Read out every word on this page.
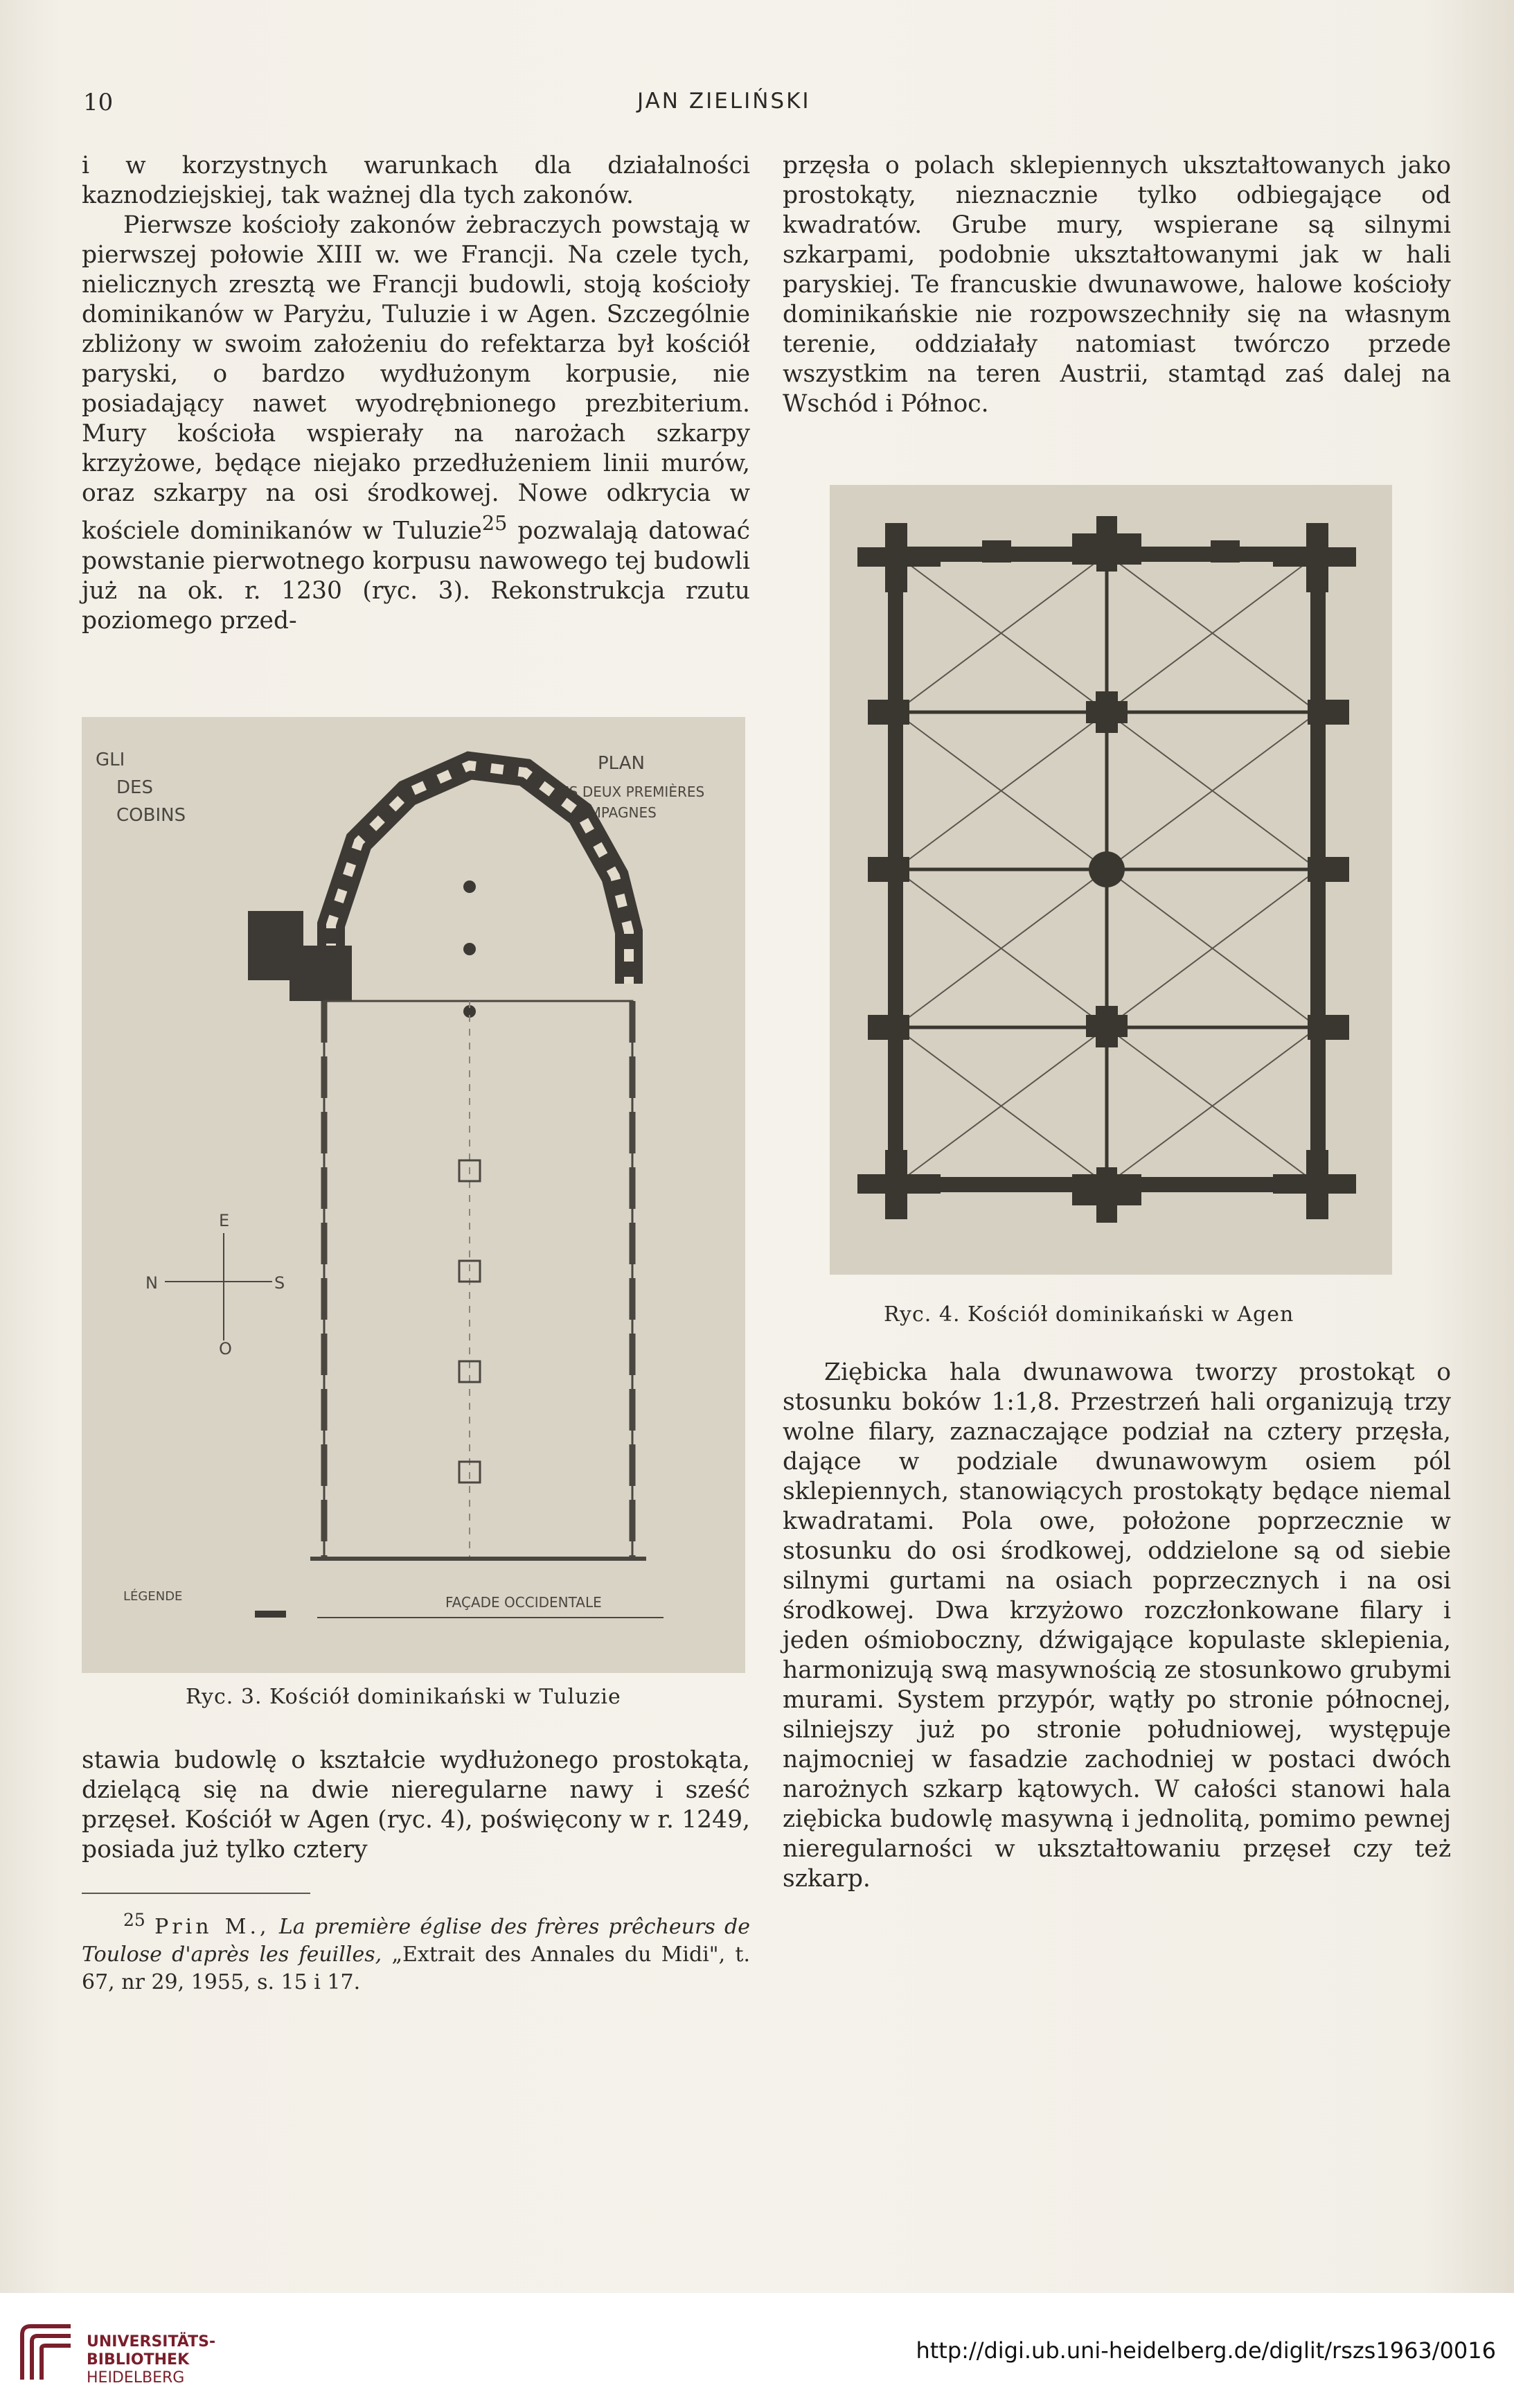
10	JAN ZIELIŃSKI

i w korzystnych warunkach dla działalności kaznodziejskiej, tak ważnej dla tych zakonów.

Pierwsze kościoły zakonów żebraczych powstają w pierwszej połowie XIII w. we Francji. Na czele tych, nielicznych zresztą we Francji budowli, stoją kościoły dominikanów w Paryżu, Tuluzie i w Agen. Szczególnie zbliżony w swoim założeniu do refektarza był kościół paryski, o bardzo wydłużonym korpusie, nie posiadający nawet wyodrębnionego prezbiterium. Mury kościoła wspierały na narożach szkarpy krzyżowe, będące niejako przedłużeniem linii murów, oraz szkarpy na osi środkowej. Nowe odkrycia w kościele dominikanów w Tuluzie$^{25}$ pozwalają datować powstanie pierwotnego korpusu nawowego tej budowli już na ok. r. 1230 (ryc. 3). Rekonstrukcja rzutu poziomego przed-

przęsła o polach sklepiennych ukształtowanych jako prostokąty, nieznacznie tylko odbiegające od kwadratów. Grube mury, wspierane są silnymi szkarpami, podobnie ukształtowanymi jak w hali paryskiej. Te francuskie dwunawowe, halowe kościoły dominikańskie nie rozpowszechniły się na własnym terenie, oddziałały natomiast twórczo przede wszystkim na teren Austrii, stamtąd zaś dalej na Wschód i Północ.

GLI
DES
COBINS
PLAN
LES DEUX PREMIÈRES
CAMPAGNES
E
N	S
O
FAÇADE OCCIDENTALE
LÉGENDE
Ryc. 3. Kościół dominikański w Tuluzie
Ryc. 4. Kościół dominikański w Agen

stawia budowlę o kształcie wydłużonego prostokąta, dzielącą się na dwie nieregularne nawy i sześć przęseł. Kościół w Agen (ryc. 4), poświęcony w r. 1249, posiada już tylko cztery

$^{25}$ Prin M., La première église des frères prêcheurs de Toulose d'après les feuilles, „Extrait des Annales du Midi", t. 67, nr 29, 1955, s. 15 i 17.

Ziębicka hala dwunawowa tworzy prostokąt o stosunku boków 1:1,8. Przestrzeń hali organizują trzy wolne filary, zaznaczające podział na cztery przęsła, dające w podziale dwunawowym osiem pól sklepiennych, stanowiących prostokąty będące niemal kwadratami. Pola owe, położone poprzecznie w stosunku do osi środkowej, oddzielone są od siebie silnymi gurtami na osiach poprzecznych i na osi środkowej. Dwa krzyżowo rozczłonkowane filary i jeden ośmioboczny, dźwigające kopulaste sklepienia, harmonizują swą masywnością ze stosunkowo grubymi murami. System przypór, wątły po stronie północnej, silniejszy już po stronie południowej, występuje najmocniej w fasadzie zachodniej w postaci dwóch narożnych szkarp kątowych. W całości stanowi hala ziębicka budowlę masywną i jednolitą, pomimo pewnej nieregularności w ukształtowaniu przęseł czy też szkarp.

UNIVERSITÄTS-
BIBLIOTHEK
HEIDELBERG
http://digi.ub.uni-heidelberg.de/diglit/rszs1963/0016
